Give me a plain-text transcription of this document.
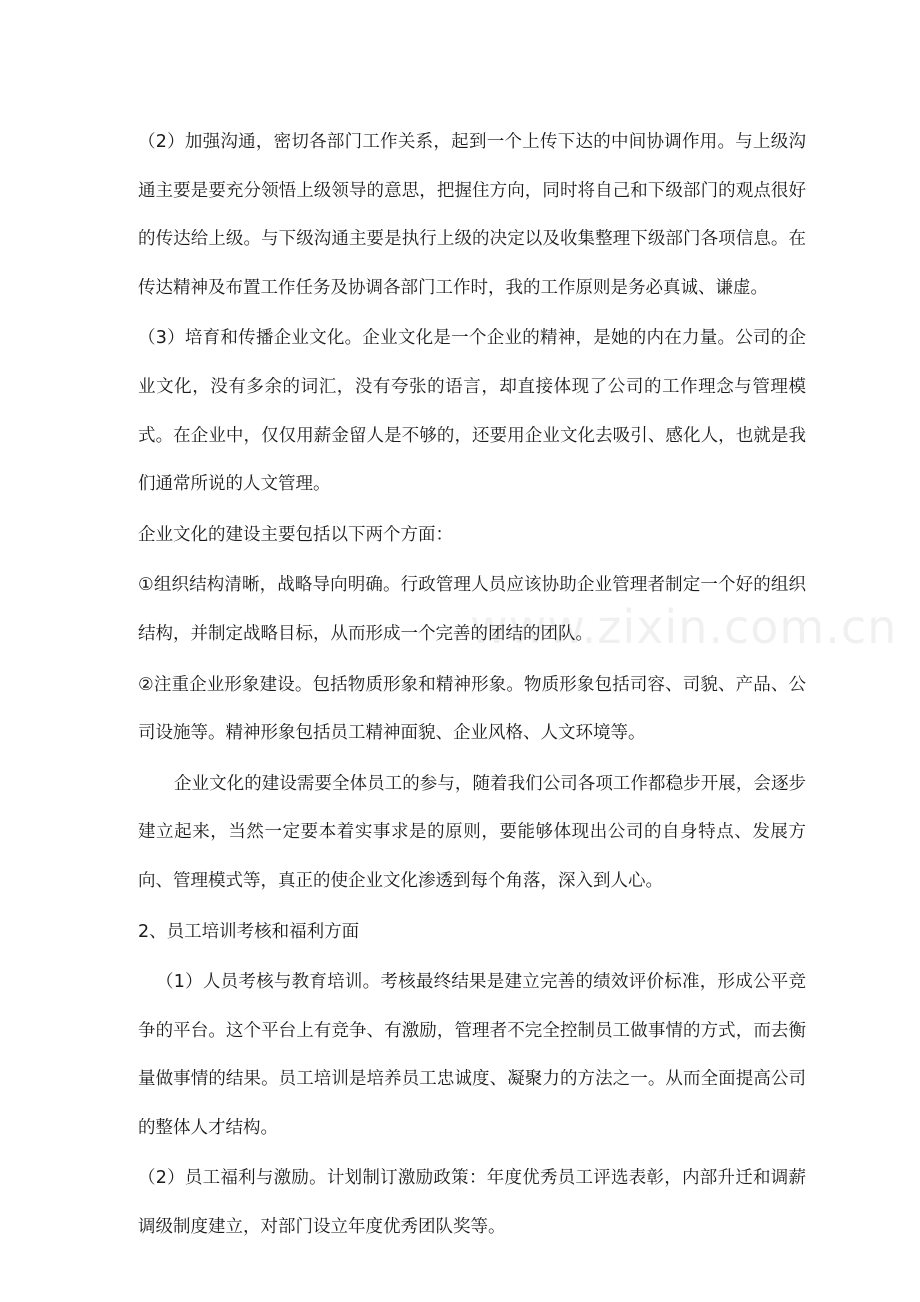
www.zixin.com.cn

（2）加强沟通，密切各部门工作关系，起到一个上传下达的中间协调作用。与上级沟通主要是要充分领悟上级领导的意思，把握住方向，同时将自己和下级部门的观点很好的传达给上级。与下级沟通主要是执行上级的决定以及收集整理下级部门各项信息。在传达精神及布置工作任务及协调各部门工作时，我的工作原则是务必真诚、谦虚。

（3）培育和传播企业文化。企业文化是一个企业的精神，是她的内在力量。公司的企业文化，没有多余的词汇，没有夸张的语言，却直接体现了公司的工作理念与管理模式。在企业中，仅仅用薪金留人是不够的，还要用企业文化去吸引、感化人，也就是我们通常所说的人文管理。

企业文化的建设主要包括以下两个方面：

①组织结构清晰，战略导向明确。行政管理人员应该协助企业管理者制定一个好的组织结构，并制定战略目标，从而形成一个完善的团结的团队。

②注重企业形象建设。包括物质形象和精神形象。物质形象包括司容、司貌、产品、公司设施等。精神形象包括员工精神面貌、企业风格、人文环境等。

企业文化的建设需要全体员工的参与，随着我们公司各项工作都稳步开展，会逐步建立起来，当然一定要本着实事求是的原则，要能够体现出公司的自身特点、发展方向、管理模式等，真正的使企业文化渗透到每个角落，深入到人心。

2、员工培训考核和福利方面

（1）人员考核与教育培训。考核最终结果是建立完善的绩效评价标准，形成公平竞争的平台。这个平台上有竞争、有激励，管理者不完全控制员工做事情的方式，而去衡量做事情的结果。员工培训是培养员工忠诚度、凝聚力的方法之一。从而全面提高公司的整体人才结构。

（2）员工福利与激励。计划制订激励政策：年度优秀员工评选表彰，内部升迁和调薪调级制度建立，对部门设立年度优秀团队奖等。
